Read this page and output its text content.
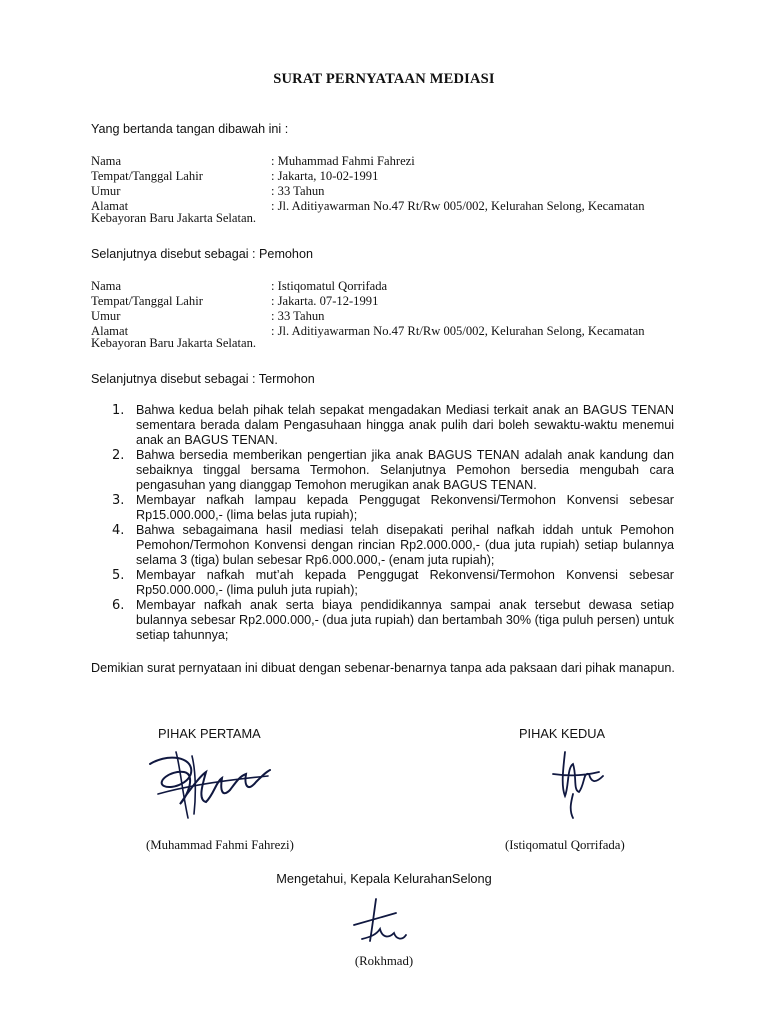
SURAT PERNYATAAN MEDIASI
Yang bertanda tangan dibawah ini :
Nama	: Muhammad Fahmi Fahrezi
Tempat/Tanggal Lahir	: Jakarta, 10-02-1991
Umur	: 33 Tahun
Alamat	: Jl. Aditiyawarman No.47 Rt/Rw 005/002, Kelurahan Selong, Kecamatan
Kebayoran Baru Jakarta Selatan.
Selanjutnya disebut sebagai : Pemohon
Nama	: Istiqomatul Qorrifada
Tempat/Tanggal Lahir	: Jakarta. 07-12-1991
Umur	: 33 Tahun
Alamat	: Jl. Aditiyawarman No.47 Rt/Rw 005/002, Kelurahan Selong, Kecamatan
Kebayoran Baru Jakarta Selatan.
Selanjutnya disebut sebagai : Termohon
1. Bahwa kedua belah pihak telah sepakat mengadakan Mediasi terkait anak an BAGUS TENAN sementara berada dalam Pengasuhaan hingga anak pulih dari boleh sewaktu-waktu menemui anak an BAGUS TENAN.
2. Bahwa bersedia memberikan pengertian jika anak BAGUS TENAN adalah anak kandung dan sebaiknya tinggal bersama Termohon. Selanjutnya Pemohon bersedia mengubah cara pengasuhan yang dianggap Temohon merugikan anak BAGUS TENAN.
3. Membayar nafkah lampau kepada Penggugat Rekonvensi/Termohon Konvensi sebesar Rp15.000.000,- (lima belas juta rupiah);
4. Bahwa sebagaimana hasil mediasi telah disepakati perihal nafkah iddah untuk Pemohon Pemohon/Termohon Konvensi dengan rincian Rp2.000.000,- (dua juta rupiah) setiap bulannya selama 3 (tiga) bulan sebesar Rp6.000.000,- (enam juta rupiah);
5. Membayar nafkah mut’ah kepada Penggugat Rekonvensi/Termohon Konvensi sebesar Rp50.000.000,- (lima puluh juta rupiah);
6. Membayar nafkah anak serta biaya pendidikannya sampai anak tersebut dewasa setiap bulannya sebesar Rp2.000.000,- (dua juta rupiah) dan bertambah 30% (tiga puluh persen) untuk setiap tahunnya;
Demikian surat pernyataan ini dibuat dengan sebenar-benarnya tanpa ada paksaan dari pihak manapun.
PIHAK PERTAMA	PIHAK KEDUA
(Muhammad Fahmi Fahrezi)	(Istiqomatul Qorrifada)
Mengetahui, Kepala KelurahanSelong
(Rokhmad)
